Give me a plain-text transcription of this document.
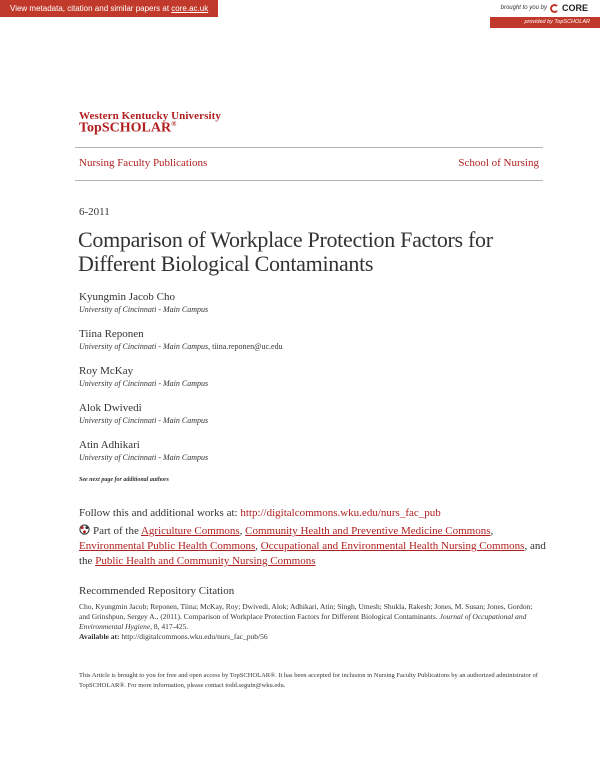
View metadata, citation and similar papers at core.ac.uk	brought to you by CORE
provided by TopSCHOLAR
Western Kentucky University
TopSCHOLAR®
Nursing Faculty Publications	School of Nursing
6-2011
Comparison of Workplace Protection Factors for Different Biological Contaminants
Kyungmin Jacob Cho
University of Cincinnati - Main Campus
Tiina Reponen
University of Cincinnati - Main Campus, tiina.reponen@uc.edu
Roy McKay
University of Cincinnati - Main Campus
Alok Dwivedi
University of Cincinnati - Main Campus
Atin Adhikari
University of Cincinnati - Main Campus
See next page for additional authors
Follow this and additional works at: http://digitalcommons.wku.edu/nurs_fac_pub
Part of the Agriculture Commons, Community Health and Preventive Medicine Commons, Environmental Public Health Commons, Occupational and Environmental Health Nursing Commons, and the Public Health and Community Nursing Commons
Recommended Repository Citation
Cho, Kyungmin Jacob; Reponen, Tiina; McKay, Roy; Dwivedi, Alok; Adhikari, Atin; Singh, Umesh; Shukla, Rakesh; Jones, M. Susan; Jones, Gordon; and Grinshpun, Sergey A., (2011). Comparison of Workplace Protection Factors for Different Biological Contaminants. Journal of Occupational and Environmental Hygiene, 8, 417-425.
Available at: http://digitalcommons.wku.edu/nurs_fac_pub/56
This Article is brought to you for free and open access by TopSCHOLAR®. It has been accepted for inclusion in Nursing Faculty Publications by an authorized administrator of TopSCHOLAR®. For more information, please contact todd.seguin@wku.edu.
